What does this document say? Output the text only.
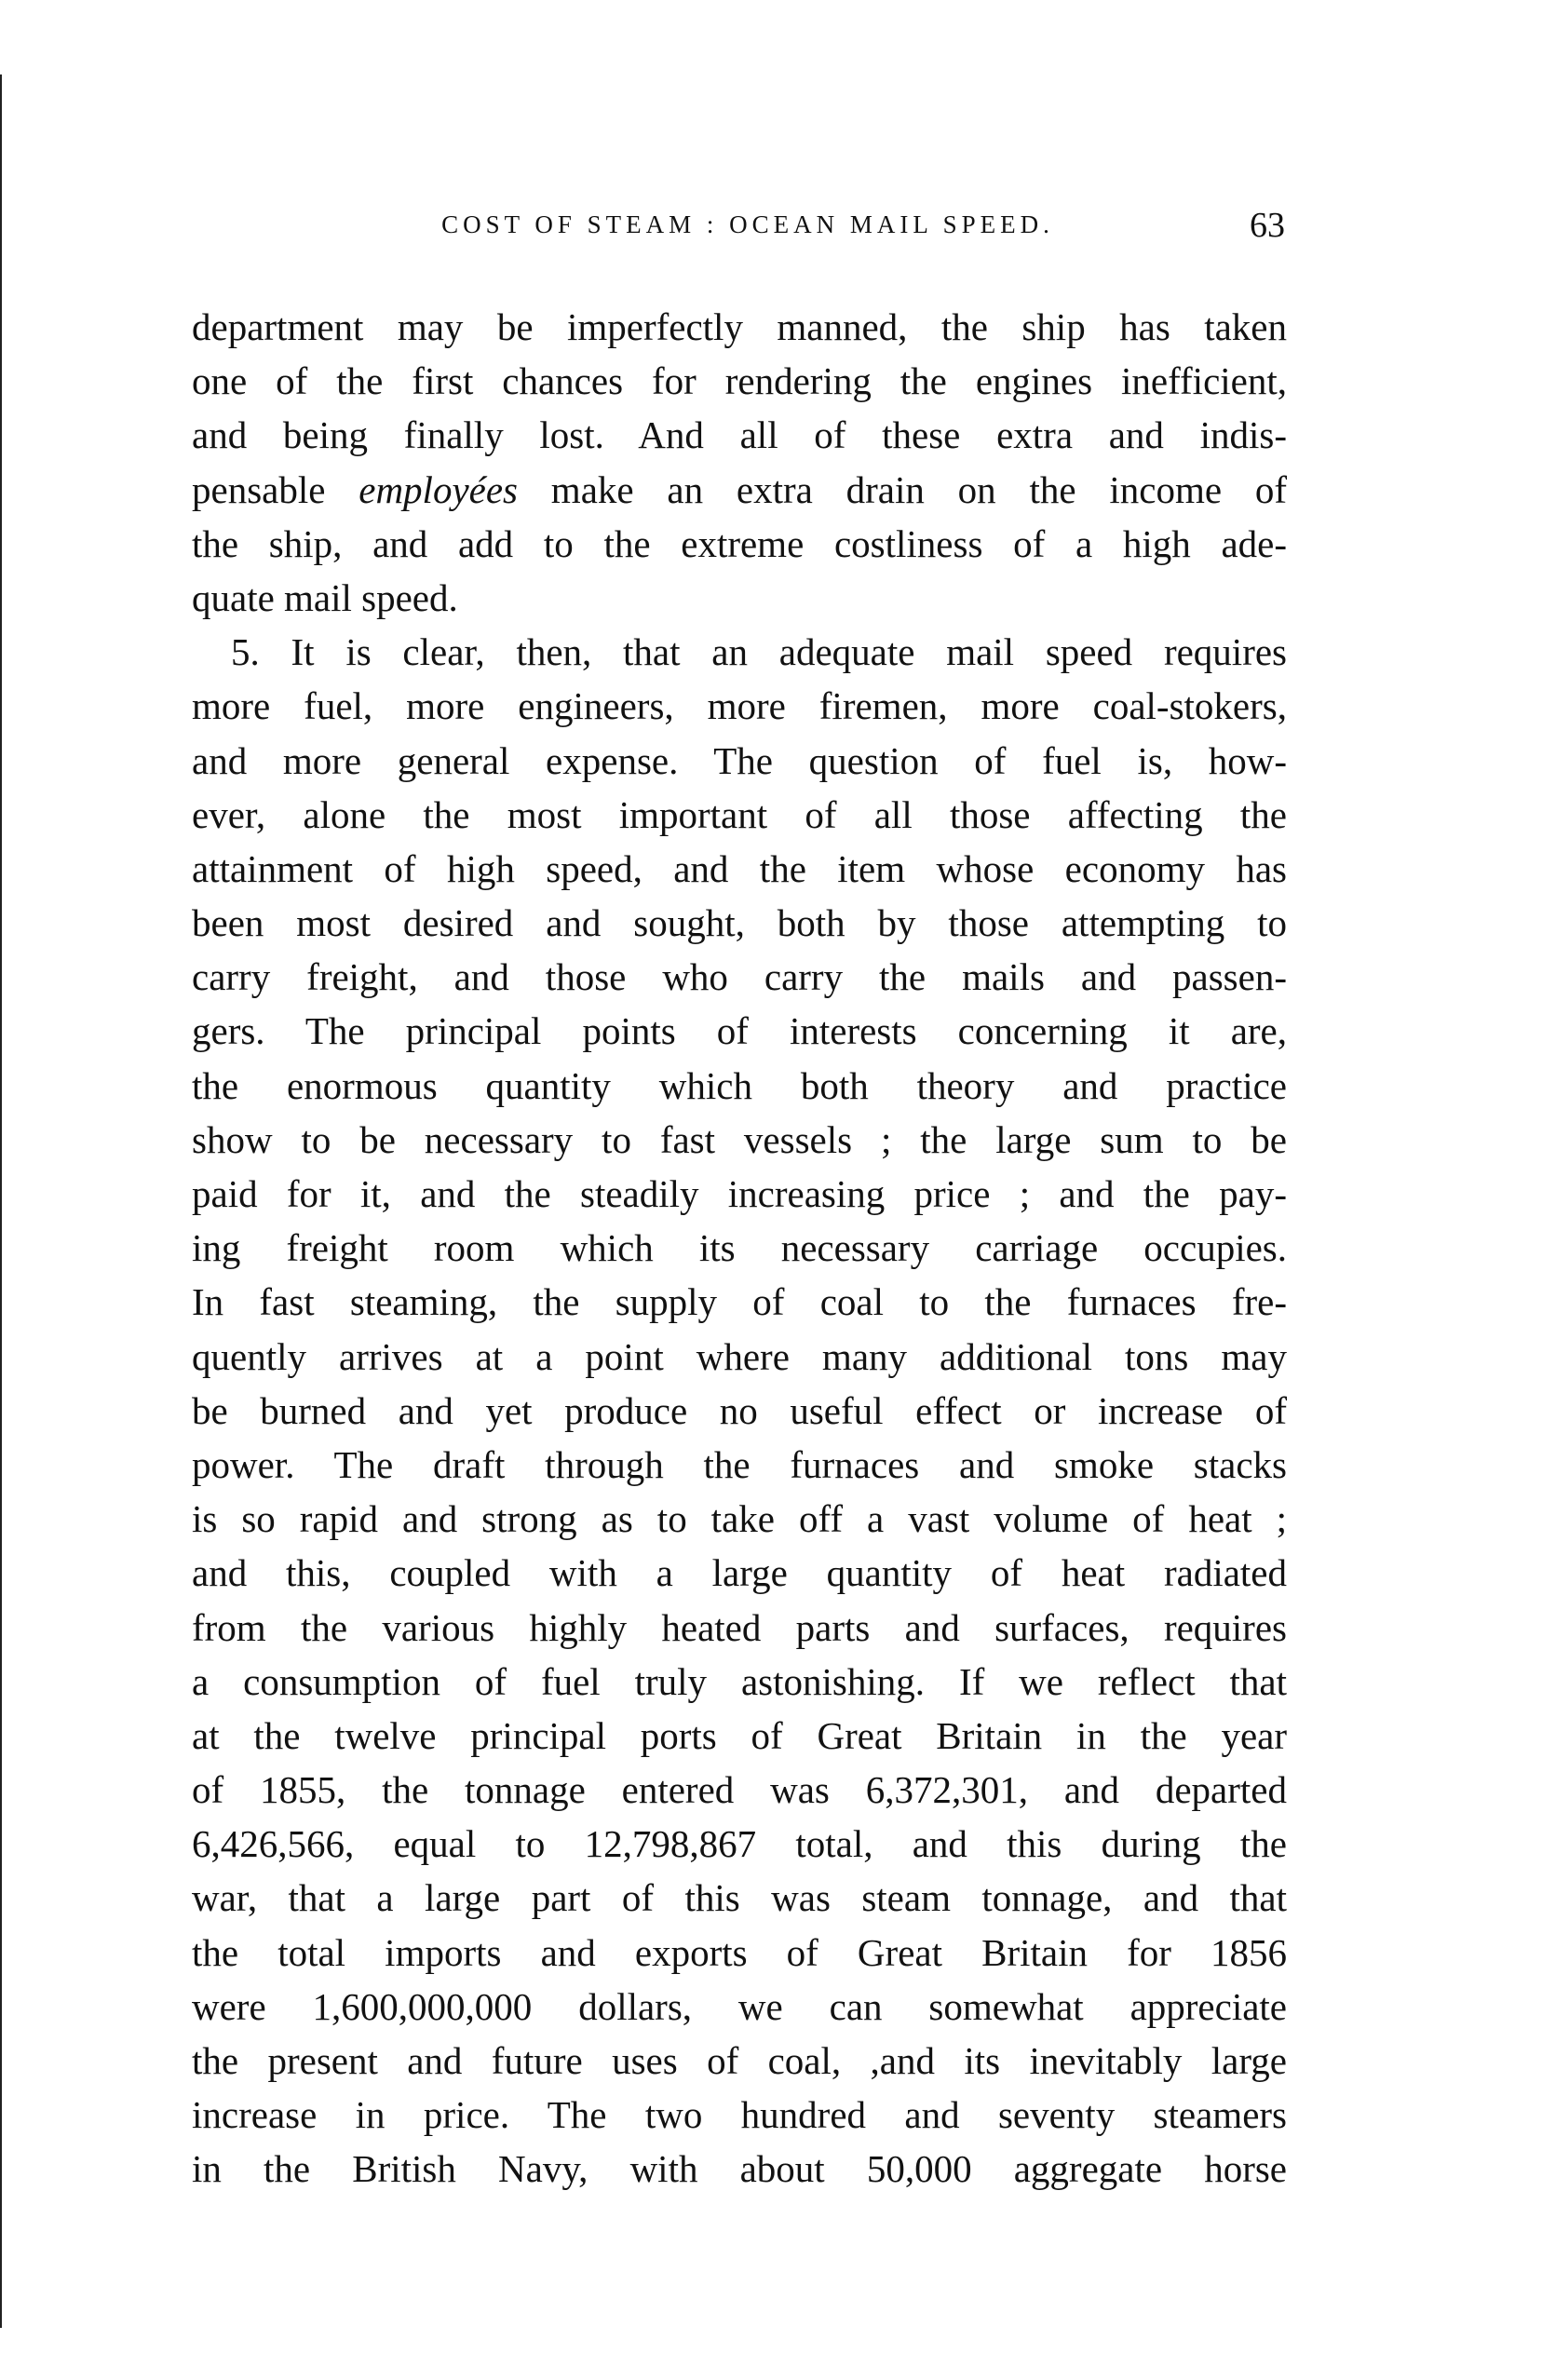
COST OF STEAM : OCEAN MAIL SPEED.	63
department may be imperfectly manned, the ship has taken
one of the first chances for rendering the engines inefficient,
and being finally lost. And all of these extra and indis-
pensable employées make an extra drain on the income of
the ship, and add to the extreme costliness of a high ade-
quate mail speed.
5. It is clear, then, that an adequate mail speed requires
more fuel, more engineers, more firemen, more coal-stokers,
and more general expense. The question of fuel is, how-
ever, alone the most important of all those affecting the
attainment of high speed, and the item whose economy has
been most desired and sought, both by those attempting to
carry freight, and those who carry the mails and passen-
gers. The principal points of interests concerning it are,
the enormous quantity which both theory and practice
show to be necessary to fast vessels ; the large sum to be
paid for it, and the steadily increasing price ; and the pay-
ing freight room which its necessary carriage occupies.
In fast steaming, the supply of coal to the furnaces fre-
quently arrives at a point where many additional tons may
be burned and yet produce no useful effect or increase of
power. The draft through the furnaces and smoke stacks
is so rapid and strong as to take off a vast volume of heat ;
and this, coupled with a large quantity of heat radiated
from the various highly heated parts and surfaces, requires
a consumption of fuel truly astonishing. If we reflect that
at the twelve principal ports of Great Britain in the year
of 1855, the tonnage entered was 6,372,301, and departed
6,426,566, equal to 12,798,867 total, and this during the
war, that a large part of this was steam tonnage, and that
the total imports and exports of Great Britain for 1856
were 1,600,000,000 dollars, we can somewhat appreciate
the present and future uses of coal, ,and its inevitably large
increase in price. The two hundred and seventy steamers
in the British Navy, with about 50,000 aggregate horse
